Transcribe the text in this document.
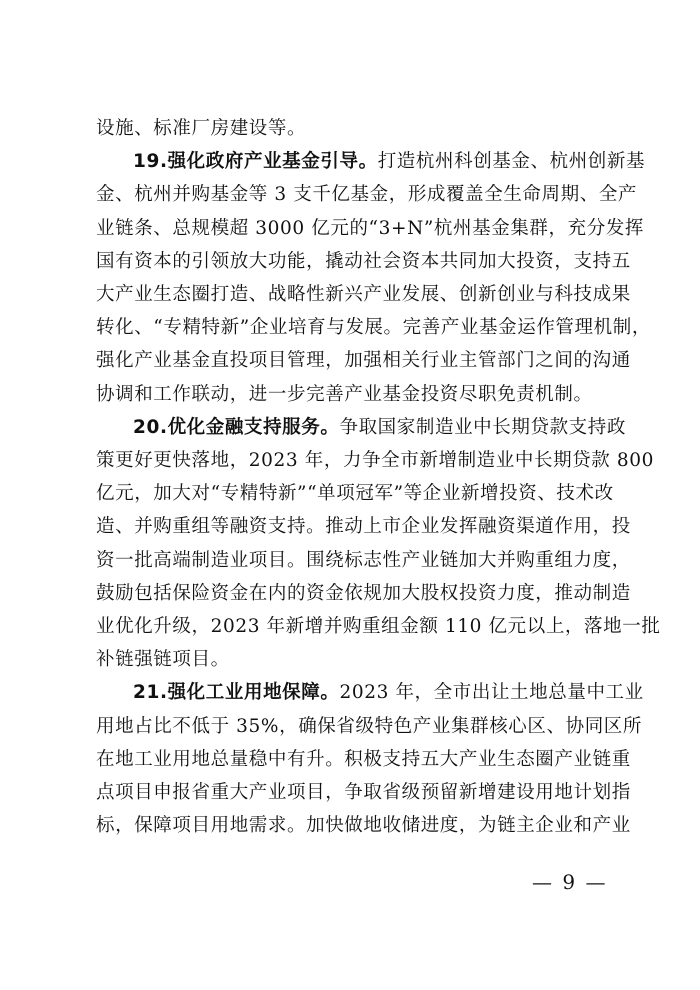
设施、标准厂房建设等。
19.强化政府产业基金引导。打造杭州科创基金、杭州创新基
金、杭州并购基金等 3 支千亿基金，形成覆盖全生命周期、全产
业链条、总规模超 3000 亿元的“3+N”杭州基金集群，充分发挥
国有资本的引领放大功能，撬动社会资本共同加大投资，支持五
大产业生态圈打造、战略性新兴产业发展、创新创业与科技成果
转化、“专精特新”企业培育与发展。完善产业基金运作管理机制，
强化产业基金直投项目管理，加强相关行业主管部门之间的沟通
协调和工作联动，进一步完善产业基金投资尽职免责机制。
20.优化金融支持服务。争取国家制造业中长期贷款支持政
策更好更快落地，2023 年，力争全市新增制造业中长期贷款 800
亿元，加大对“专精特新”“单项冠军”等企业新增投资、技术改
造、并购重组等融资支持。推动上市企业发挥融资渠道作用，投
资一批高端制造业项目。围绕标志性产业链加大并购重组力度，
鼓励包括保险资金在内的资金依规加大股权投资力度，推动制造
业优化升级，2023 年新增并购重组金额 110 亿元以上，落地一批
补链强链项目。
21.强化工业用地保障。2023 年，全市出让土地总量中工业
用地占比不低于 35%，确保省级特色产业集群核心区、协同区所
在地工业用地总量稳中有升。积极支持五大产业生态圈产业链重
点项目申报省重大产业项目，争取省级预留新增建设用地计划指
标，保障项目用地需求。加快做地收储进度，为链主企业和产业
— 9 —
